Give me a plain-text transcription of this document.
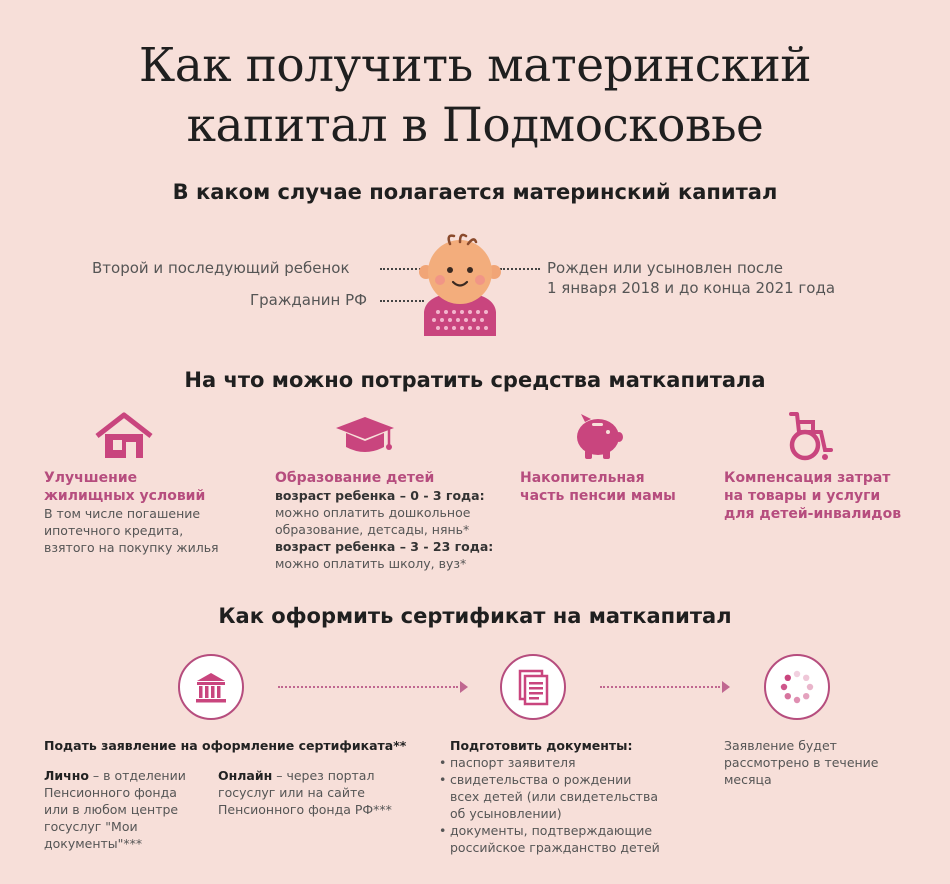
Как получить материнский
капитал в Подмосковье
В каком случае полагается материнский капитал
Второй и последующий ребенок
Гражданин РФ
Рожден или усыновлен после
1 января 2018 и до конца 2021 года
На что можно потратить средства маткапитала
Улучшение
жилищных условий
В том числе погашение
ипотечного кредита,
взятого на покупку жилья
Образование детей
возраст ребенка – 0 - 3 года:
можно оплатить дошкольное
образование, детсады, нянь*
возраст ребенка – 3 - 23 года:
можно оплатить школу, вуз*
Накопительная
часть пенсии мамы
Компенсация затрат
на товары и услуги
для детей-инвалидов
Как оформить сертификат на маткапитал
Подать заявление на оформление сертификата**
Лично – в отделении
Пенсионного фонда
или в любом центре
госуслуг "Мои
документы"***
Онлайн – через портал
госуслуг или на сайте
Пенсионного фонда РФ***
Подготовить документы:
• паспорт заявителя
• свидетельства о рождении
всех детей (или свидетельства
об усыновлении)
• документы, подтверждающие
российское гражданство детей
Заявление будет
рассмотрено в течение
месяца
